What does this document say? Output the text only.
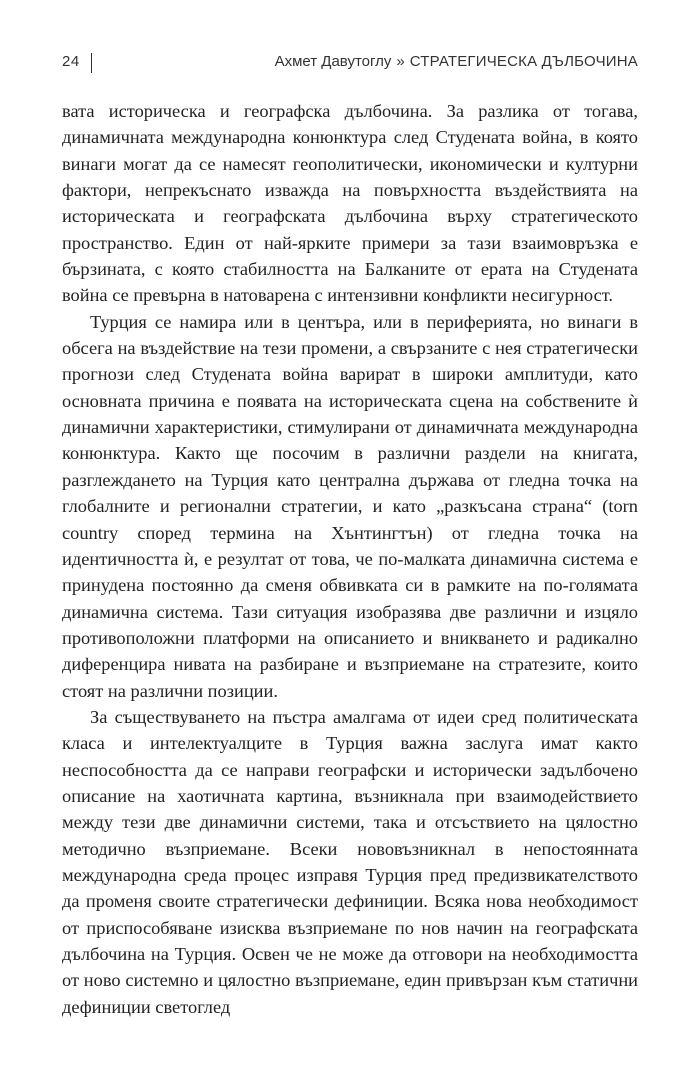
24	Ахмет Давутоглу » СТРАТЕГИЧЕСКА ДЪЛБОЧИНА

вата историческа и географска дълбочина. За разлика от тогава, динамичната международна конюнктура след Студената война, в която винаги могат да се намесят геополитически, икономически и културни фактори, непрекъснато изважда на повърхността въздействията на историческата и географската дълбочина върху стратегическото пространство. Един от най-ярките примери за тази взаимовръзка е бързината, с която стабилността на Балканите от ерата на Студената война се превърна в натоварена с интензивни конфликти несигурност.

Турция се намира или в центъра, или в периферията, но винаги в обсега на въздействие на тези промени, а свързаните с нея стратегически прогнози след Студената война варират в широки амплитуди, като основната причина е появата на историческата сцена на собствените ѝ динамични характеристики, стимулирани от динамичната международна конюнктура. Както ще посочим в различни раздели на книгата, разглеждането на Турция като централна държава от гледна точка на глобалните и регионални стратегии, и като „разкъсана страна“ (torn country според термина на Хънтингтън) от гледна точка на идентичността ѝ, е резултат от това, че по-малката динамична система е принудена постоянно да сменя обвивката си в рамките на по-голямата динамична система. Тази ситуация изобразява две различни и изцяло противоположни платформи на описанието и вникването и радикално диференцира нивата на разбиране и възприемане на стратезите, които стоят на различни позиции.

За съществуването на пъстра амалгама от идеи сред политическата класа и интелектуалците в Турция важна заслуга имат както неспособността да се направи географски и исторически задълбочено описание на хаотичната картина, възникнала при взаимодействието между тези две динамични системи, така и отсъствието на цялостно методично възприемане. Всеки нововъзникнал в непостоянната международна среда процес изправя Турция пред предизвикателството да променя своите стратегически дефиниции. Всяка нова необходимост от приспособяване изисква възприемане по нов начин на географската дълбочина на Турция. Освен че не може да отговори на необходимостта от ново системно и цялостно възприемане, един привързан към статични дефиниции светоглед
